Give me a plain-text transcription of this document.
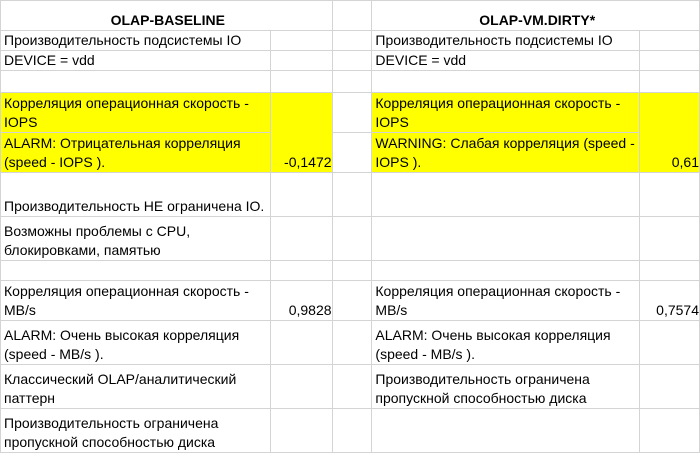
OLAP-BASELINE			OLAP-VM.DIRTY*	
Производительность подсистемы IO			Производительность подсистемы IO	
DEVICE = vdd			DEVICE = vdd	

Корреляция операционная скорость - IOPS	-0,1472		Корреляция операционная скорость - IOPS	0,61

ALARM: Отрицательная корреляция (speed - IOPS ).			WARNING: Слабая корреляция (speed - IOPS ).	

Производительность НЕ ограничена IO.				

Возможны проблемы с CPU, блокировками, памятью				

Корреляция операционная скорость - MB/s	0,9828		Корреляция операционная скорость - MB/s	0,7574

ALARM: Очень высокая корреляция (speed - MB/s ).			ALARM: Очень высокая корреляция (speed - MB/s ).	

Классический OLAP/аналитический паттерн			Производительность ограничена пропускной способностью диска	

Производительность ограничена пропускной способностью диска				
